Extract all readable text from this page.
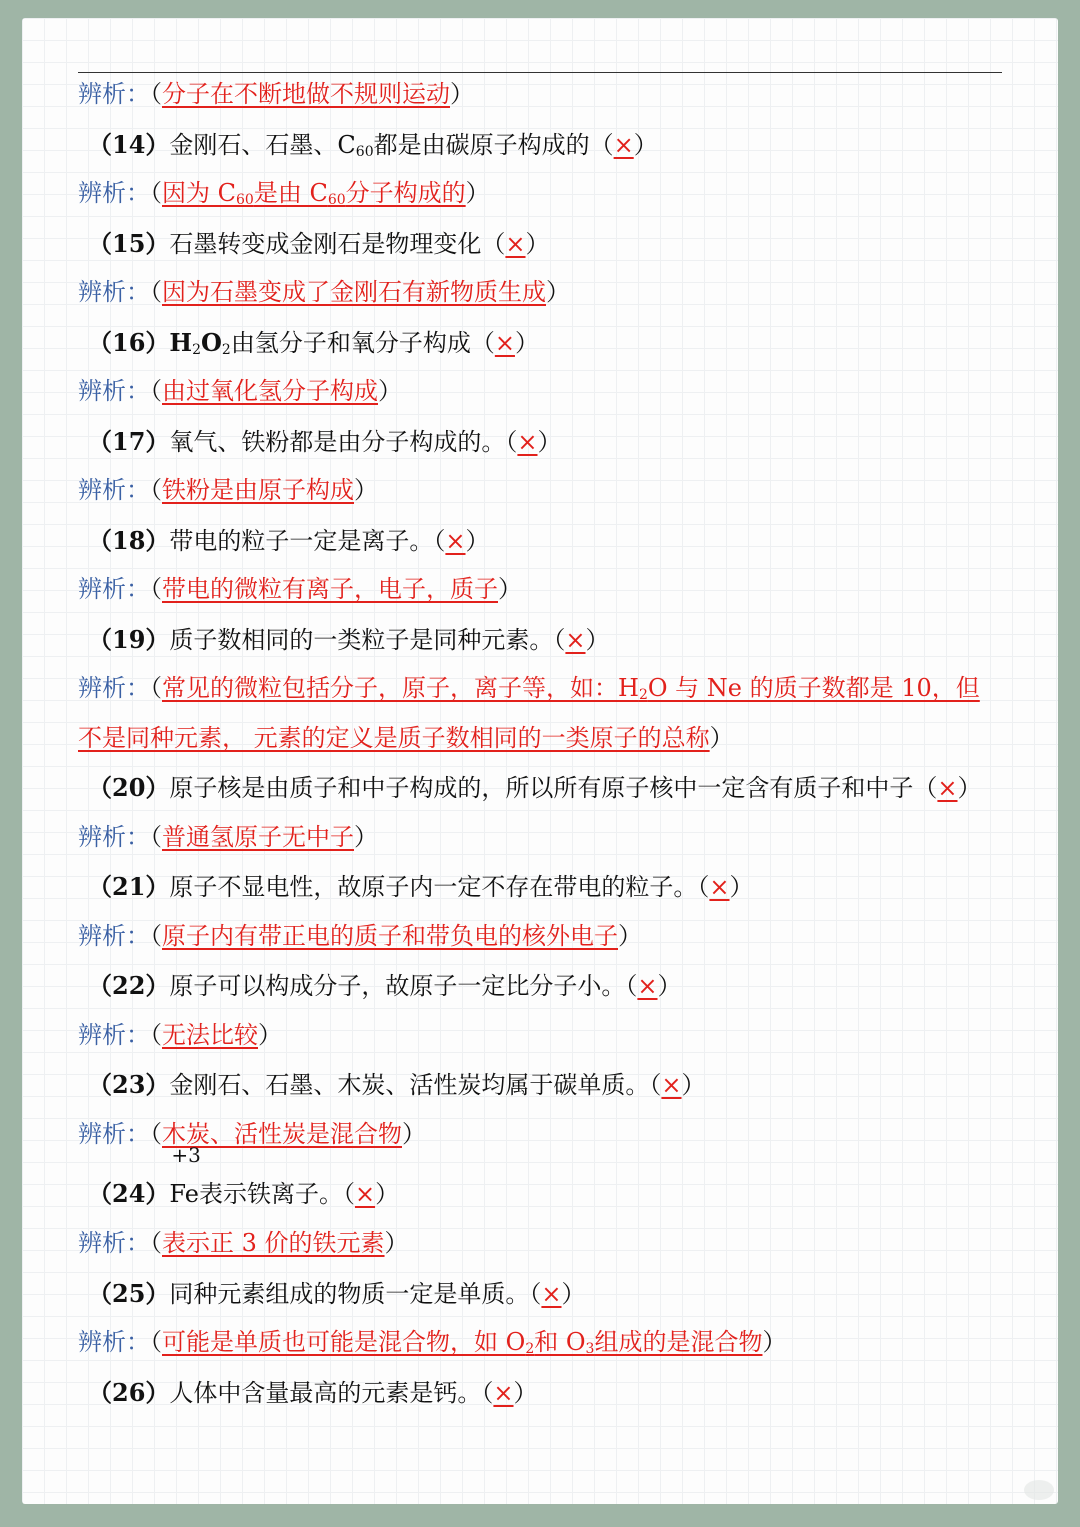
辨析：（分子在不断地做不规则运动）
（14）金刚石、石墨、$C_{60}$都是由碳原子构成的（×）
辨析：（因为 $C_{60}$是由 $C_{60}$分子构成的）
（15）石墨转变成金刚石是物理变化（×）
辨析：（因为石墨变成了金刚石有新物质生成）
$(16)H_2O_2$由氢分子和氧分子构成（×）
辨析：（由过氧化氢分子构成）
（17）氧气、铁粉都是由分子构成的。（×）
辨析：（铁粉是由原子构成）
（18）带电的粒子一定是离子。（×）
辨析：（带电的微粒有离子，电子，质子）
（19）质子数相同的一类粒子是同种元素。（×）
辨析：（常见的微粒包括分子，原子，离子等，如：$H_2O$ 与 Ne 的质子数都是 10，但
不是同种元素， 元素的定义是质子数相同的一类原子的总称）
（20）原子核是由质子和中子构成的，所以所有原子核中一定含有质子和中子（×）
辨析：（普通氢原子无中子）
（21）原子不显电性，故原子内一定不存在带电的粒子。（×）
辨析：（原子内有带正电的质子和带负电的核外电子）
（22）原子可以构成分子，故原子一定比分子小。（×）
辨析：（无法比较）
（23）金刚石、石墨、木炭、活性炭均属于碳单质。（×）
辨析：（木炭、活性炭是混合物）
（24）
+3
Fe表示铁离子。（×）
辨析：（表示正 3 价的铁元素）
（25）同种元素组成的物质一定是单质。（×）
辨析：（可能是单质也可能是混合物，如 $O_2$和 $O_3$组成的是混合物）
（26）人体中含量最高的元素是钙。（×）
